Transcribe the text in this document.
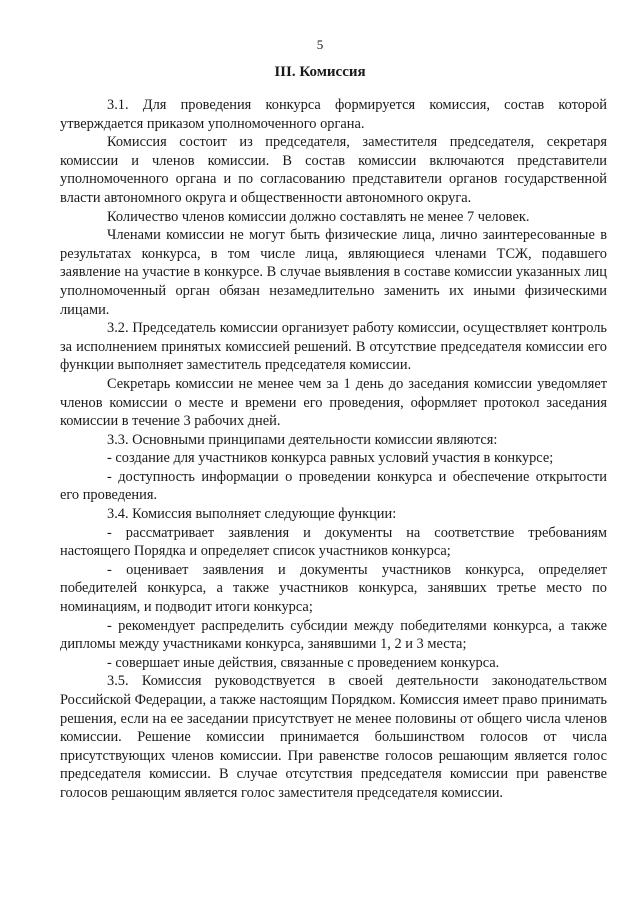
5
III. Комиссия

3.1. Для проведения конкурса формируется комиссия, состав которой утверждается приказом уполномоченного органа.

Комиссия состоит из председателя, заместителя председателя, секретаря комиссии и членов комиссии. В состав комиссии включаются представители уполномоченного органа и по согласованию представители органов государственной власти автономного округа и общественности автономного округа.

Количество членов комиссии должно составлять не менее 7 человек.

Членами комиссии не могут быть физические лица, лично заинтересованные в результатах конкурса, в том числе лица, являющиеся членами ТСЖ, подавшего заявление на участие в конкурсе. В случае выявления в составе комиссии указанных лиц уполномоченный орган обязан незамедлительно заменить их иными физическими лицами.

3.2. Председатель комиссии организует работу комиссии, осуществляет контроль за исполнением принятых комиссией решений. В отсутствие председателя комиссии его функции выполняет заместитель председателя комиссии.

Секретарь комиссии не менее чем за 1 день до заседания комиссии уведомляет членов комиссии о месте и времени его проведения, оформляет протокол заседания комиссии в течение 3 рабочих дней.

3.3. Основными принципами деятельности комиссии являются:

- создание для участников конкурса равных условий участия в конкурсе;

- доступность информации о проведении конкурса и обеспечение открытости его проведения.

3.4. Комиссия выполняет следующие функции:

- рассматривает заявления и документы на соответствие требованиям настоящего Порядка и определяет список участников конкурса;

- оценивает заявления и документы участников конкурса, определяет победителей конкурса, а также участников конкурса, занявших третье место по номинациям, и подводит итоги конкурса;

- рекомендует распределить субсидии между победителями конкурса, а также дипломы между участниками конкурса, занявшими 1, 2 и 3 места;

- совершает иные действия, связанные с проведением конкурса.

3.5. Комиссия руководствуется в своей деятельности законодательством Российской Федерации, а также настоящим Порядком. Комиссия имеет право принимать решения, если на ее заседании присутствует не менее половины от общего числа членов комиссии. Решение комиссии принимается большинством голосов от числа присутствующих членов комиссии. При равенстве голосов решающим является голос председателя комиссии. В случае отсутствия председателя комиссии при равенстве голосов решающим является голос заместителя председателя комиссии.
